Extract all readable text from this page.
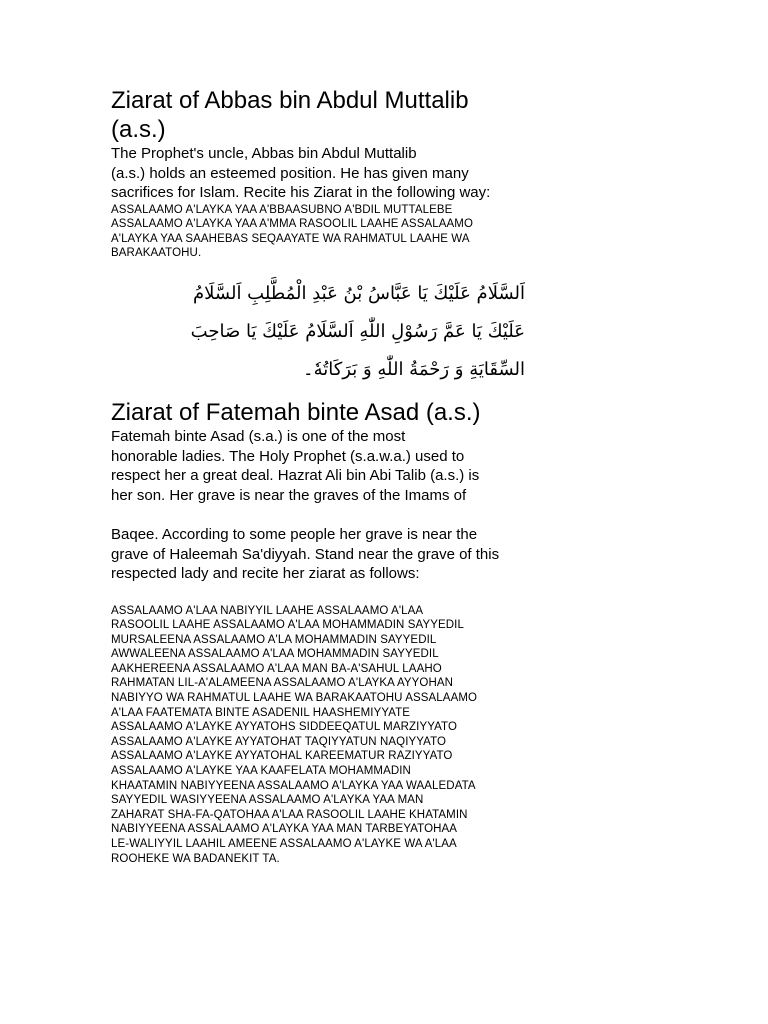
Ziarat of Abbas bin Abdul Muttalib
(a.s.)

The Prophet's uncle, Abbas bin Abdul Muttalib
(a.s.) holds an esteemed position. He has given many
sacrifices for Islam. Recite his Ziarat in the following way:

ASSALAAMO A'LAYKA YAA A'BBAASUBNO A'BDIL MUTTALEBE
ASSALAAMO A'LAYKA YAA A'MMA RASOOLIL LAAHE ASSALAAMO
A'LAYKA YAA SAAHEBAS SEQAAYATE WA RAHMATUL LAAHE WA
BARAKAATOHU.

اَلسَّلَامُ عَلَيْكَ يَا عَبَّاسُ بْنُ عَبْدِ الْمُطَّلِبِ اَلسَّلَامُ
عَلَيْكَ يَا عَمَّ رَسُوْلِ اللّٰهِ اَلسَّلَامُ عَلَيْكَ يَا صَاحِبَ
السِّقَايَةِ وَ رَحْمَةُ اللّٰهِ وَ بَرَكَاتُهٗ۔
Ziarat of Fatemah binte Asad (a.s.)

Fatemah binte Asad (s.a.) is one of the most
honorable ladies. The Holy Prophet (s.a.w.a.) used to
respect her a great deal. Hazrat Ali bin Abi Talib (a.s.) is
her son. Her grave is near the graves of the Imams of

Baqee. According to some people her grave is near the
grave of Haleemah Sa'diyyah. Stand near the grave of this
respected lady and recite her ziarat as follows:

ASSALAAMO A'LAA NABIYYIL LAAHE ASSALAAMO A'LAA
RASOOLIL LAAHE ASSALAAMO A'LAA MOHAMMADIN SAYYEDIL
MURSALEENA ASSALAAMO A'LA MOHAMMADIN SAYYEDIL
AWWALEENA ASSALAAMO A'LAA MOHAMMADIN SAYYEDIL
AAKHEREENA ASSALAAMO A'LAA MAN BA-A'SAHUL LAAHO
RAHMATAN LIL-A'ALAMEENA ASSALAAMO A'LAYKA AYYOHAN
NABIYYO WA RAHMATUL LAAHE WA BARAKAATOHU ASSALAAMO
A'LAA FAATEMATA BINTE ASADENIL HAASHEMIYYATE
ASSALAAMO A'LAYKE AYYATOHS SIDDEEQATUL MARZIYYATO
ASSALAAMO A'LAYKE AYYATOHAT TAQIYYATUN NAQIYYATO
ASSALAAMO A'LAYKE AYYATOHAL KAREEMATUR RAZIYYATO
ASSALAAMO A'LAYKE YAA KAAFELATA MOHAMMADIN
KHAATAMIN NABIYYEENA ASSALAAMO A'LAYKA YAA WAALEDATA
SAYYEDIL WASIYYEENA ASSALAAMO A'LAYKA YAA MAN
ZAHARAT SHA-FA-QATOHAA A'LAA RASOOLIL LAAHE KHATAMIN
NABIYYEENA ASSALAAMO A'LAYKA YAA MAN TARBEYATOHAA
LE-WALIYYIL LAAHIL AMEENE ASSALAAMO A'LAYKE WA A'LAA
ROOHEKE WA BADANEKIT TA.
